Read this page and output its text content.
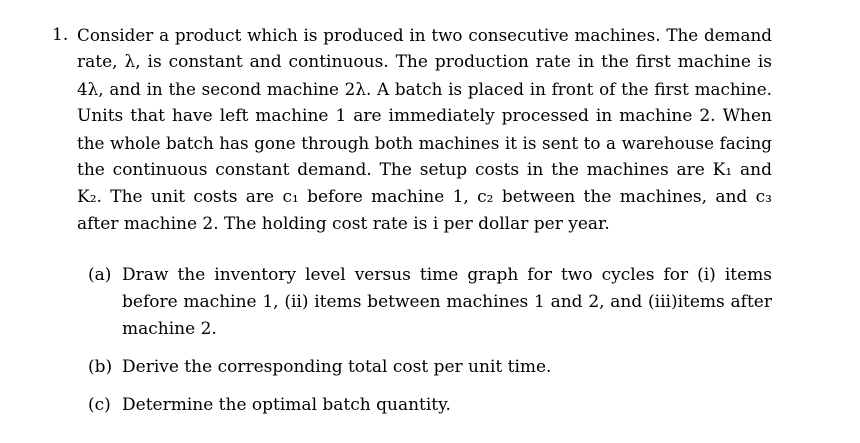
1. Consider a product which is produced in two consecutive machines. The demand
rate, λ, is constant and continuous. The production rate in the first machine is
4λ, and in the second machine 2λ. A batch is placed in front of the first machine.
Units that have left machine 1 are immediately processed in machine 2. When
the whole batch has gone through both machines it is sent to a warehouse facing
the continuous constant demand. The setup costs in the machines are K₁ and
K₂. The unit costs are c₁ before machine 1, c₂ between the machines, and c₃
after machine 2. The holding cost rate is i per dollar per year.
(a) Draw the inventory level versus time graph for two cycles for (i) items
before machine 1, (ii) items between machines 1 and 2, and (iii)items after
machine 2.
(b) Derive the corresponding total cost per unit time.
(c) Determine the optimal batch quantity.
